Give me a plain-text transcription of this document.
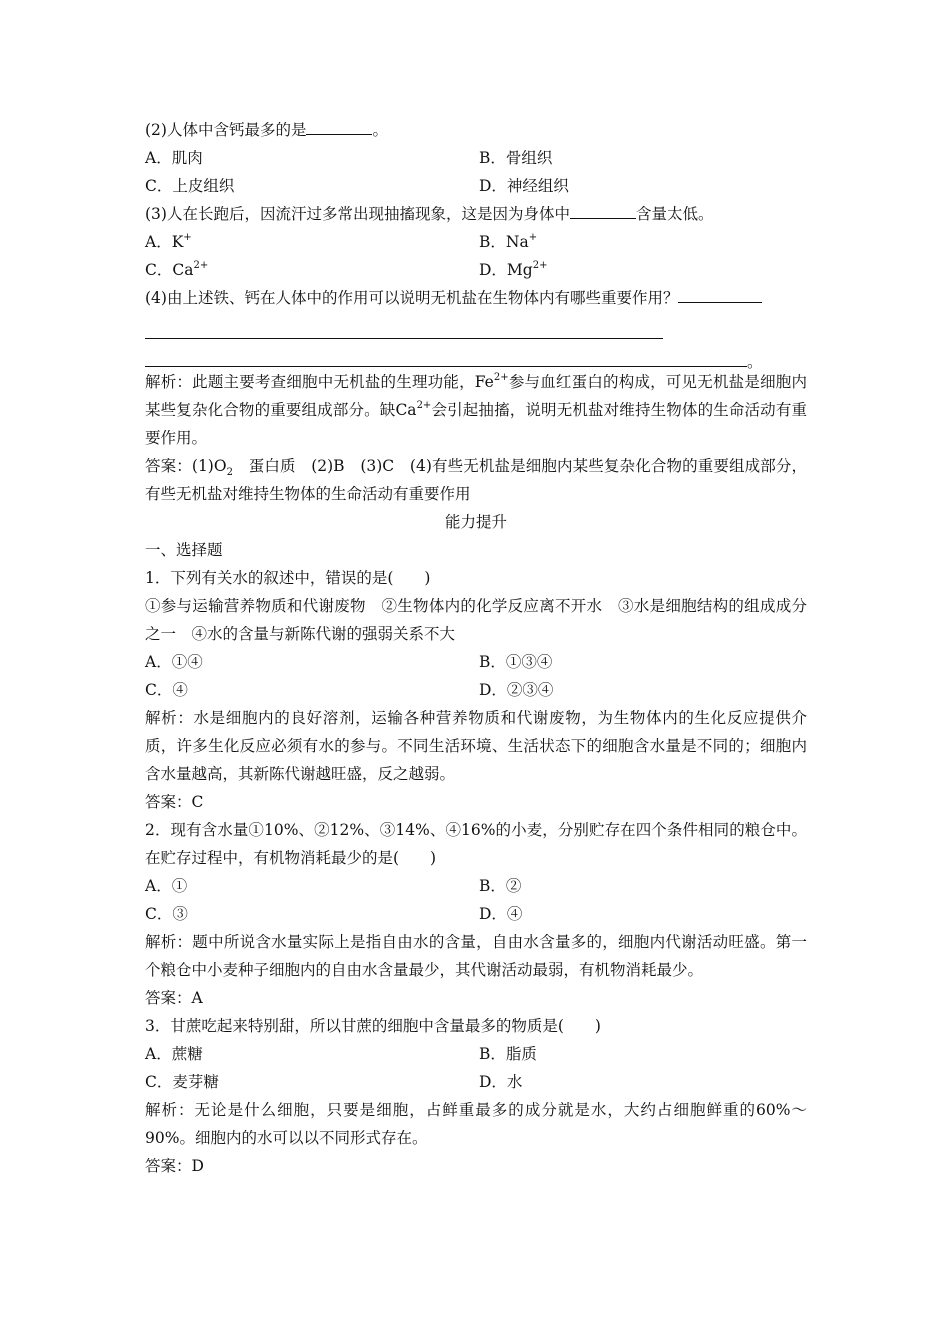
(2)人体中含钙最多的是	。
A．肌肉	B．骨组织
C．上皮组织	D．神经组织
(3)人在长跑后，因流汗过多常出现抽搐现象，这是因为身体中	含量太低。
A．K+	B．Na+
C．$Ca^{2+}$	D．$Mg^{2+}$
(4)由上述铁、钙在人体中的作用可以说明无机盐在生物体内有哪些重要作用？
。
解析：此题主要考查细胞中无机盐的生理功能，$Fe^{2+}$参与血红蛋白的构成，可见无机盐是细胞内某些复杂化合物的重要组成部分。缺$Ca^{2+}$会引起抽搐，说明无机盐对维持生物体的生命活动有重要作用。
答案：$(1)O_2$　蛋白质　(2)B　(3)C　(4)有些无机盐是细胞内某些复杂化合物的重要组成部分，有些无机盐对维持生物体的生命活动有重要作用
能力提升
一、选择题
1．下列有关水的叙述中，错误的是(　　)
①参与运输营养物质和代谢废物　②生物体内的化学反应离不开水　③水是细胞结构的组成成分之一　④水的含量与新陈代谢的强弱关系不大
A．①④	B．①③④
C．④	D．②③④
解析：水是细胞内的良好溶剂，运输各种营养物质和代谢废物，为生物体内的生化反应提供介质，许多生化反应必须有水的参与。不同生活环境、生活状态下的细胞含水量是不同的；细胞内含水量越高，其新陈代谢越旺盛，反之越弱。
答案：C
2．现有含水量①10%、②12%、③14%、④16%的小麦，分别贮存在四个条件相同的粮仓中。在贮存过程中，有机物消耗最少的是(　　)
A．①	B．②
C．③	D．④
解析：题中所说含水量实际上是指自由水的含量，自由水含量多的，细胞内代谢活动旺盛。第一个粮仓中小麦种子细胞内的自由水含量最少，其代谢活动最弱，有机物消耗最少。
答案：A
3．甘蔗吃起来特别甜，所以甘蔗的细胞中含量最多的物质是(　　)
A．蔗糖	B．脂质
C．麦芽糖	D．水
解析：无论是什么细胞，只要是细胞，占鲜重最多的成分就是水，大约占细胞鲜重的60%～90%。细胞内的水可以以不同形式存在。
答案：D
